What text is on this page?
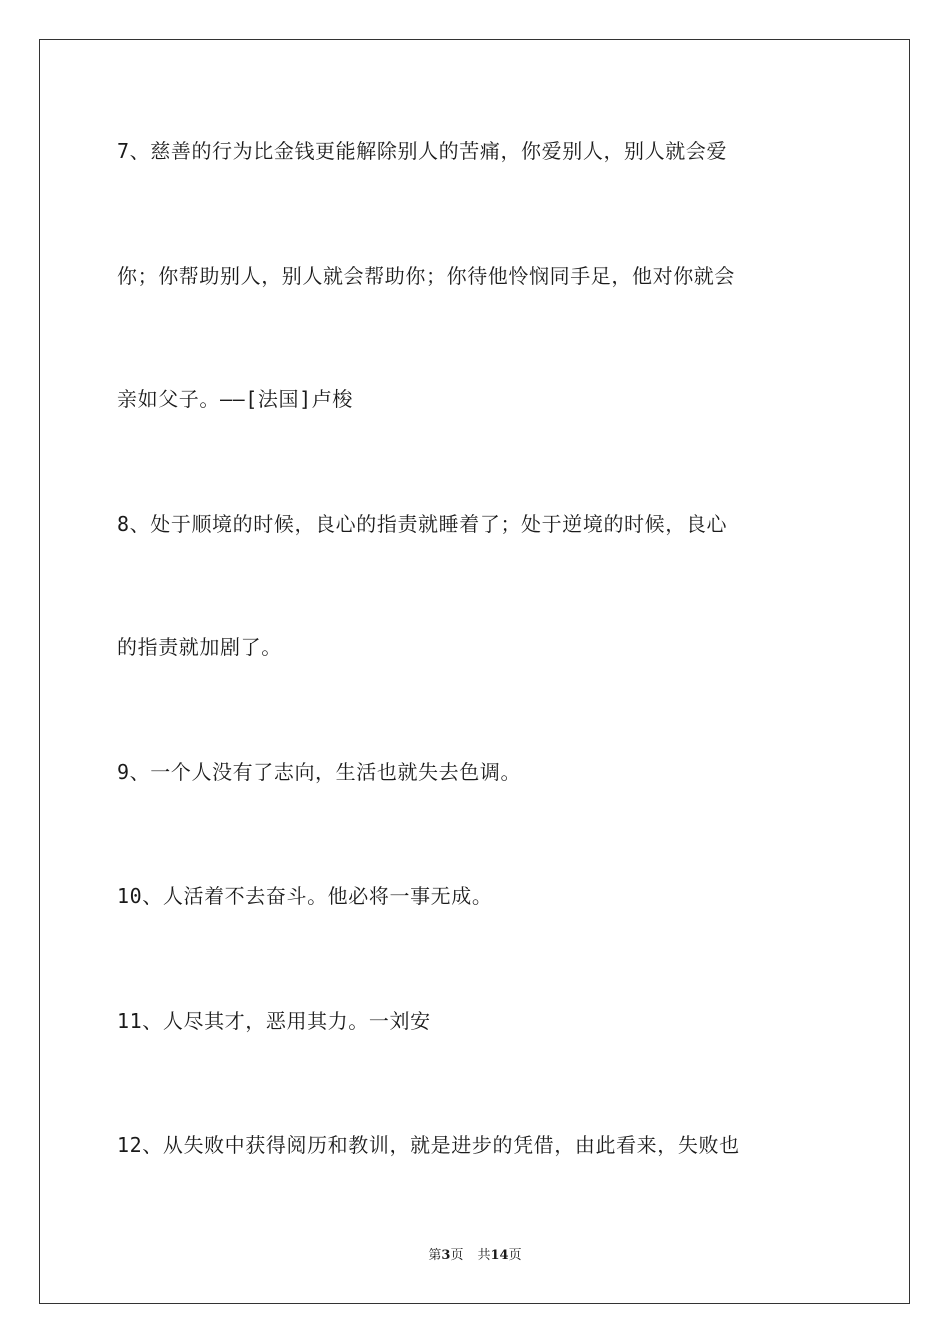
7、慈善的行为比金钱更能解除别人的苦痛，你爱别人，别人就会爱
你；你帮助别人，别人就会帮助你；你待他怜悯同手足，他对你就会
亲如父子。——[法国]卢梭
8、处于顺境的时候，良心的指责就睡着了；处于逆境的时候，良心
的指责就加剧了。
9、一个人没有了志向，生活也就失去色调。
10、人活着不去奋斗。他必将一事无成。
11、人尽其才，恶用其力。一刘安
12、从失败中获得阅历和教训，就是进步的凭借，由此看来，失败也
第3页 共14页
